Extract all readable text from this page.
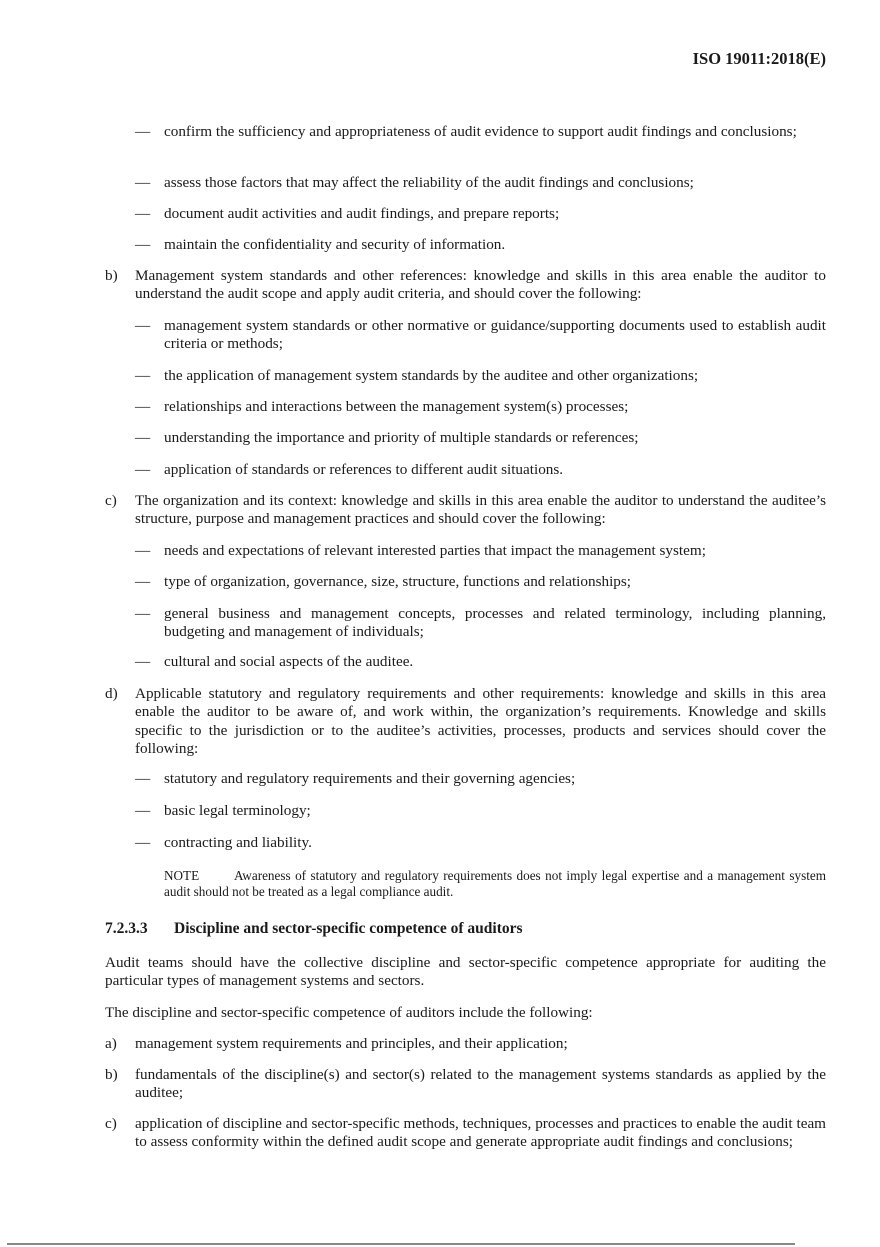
ISO 19011:2018(E)
— confirm the sufficiency and appropriateness of audit evidence to support audit findings and conclusions;
— assess those factors that may affect the reliability of the audit findings and conclusions;
— document audit activities and audit findings, and prepare reports;
— maintain the confidentiality and security of information.
b) Management system standards and other references: knowledge and skills in this area enable the auditor to understand the audit scope and apply audit criteria, and should cover the following:
— management system standards or other normative or guidance/supporting documents used to establish audit criteria or methods;
— the application of management system standards by the auditee and other organizations;
— relationships and interactions between the management system(s) processes;
— understanding the importance and priority of multiple standards or references;
— application of standards or references to different audit situations.
c) The organization and its context: knowledge and skills in this area enable the auditor to understand the auditee’s structure, purpose and management practices and should cover the following:
— needs and expectations of relevant interested parties that impact the management system;
— type of organization, governance, size, structure, functions and relationships;
— general business and management concepts, processes and related terminology, including planning, budgeting and management of individuals;
— cultural and social aspects of the auditee.
d) Applicable statutory and regulatory requirements and other requirements: knowledge and skills in this area enable the auditor to be aware of, and work within, the organization’s requirements. Knowledge and skills specific to the jurisdiction or to the auditee’s activities, processes, products and services should cover the following:
— statutory and regulatory requirements and their governing agencies;
— basic legal terminology;
— contracting and liability.
NOTE	Awareness of statutory and regulatory requirements does not imply legal expertise and a management system audit should not be treated as a legal compliance audit.
7.2.3.3 Discipline and sector-specific competence of auditors
Audit teams should have the collective discipline and sector-specific competence appropriate for auditing the particular types of management systems and sectors.
The discipline and sector-specific competence of auditors include the following:
a) management system requirements and principles, and their application;
b) fundamentals of the discipline(s) and sector(s) related to the management systems standards as applied by the auditee;
c) application of discipline and sector-specific methods, techniques, processes and practices to enable the audit team to assess conformity within the defined audit scope and generate appropriate audit findings and conclusions;
